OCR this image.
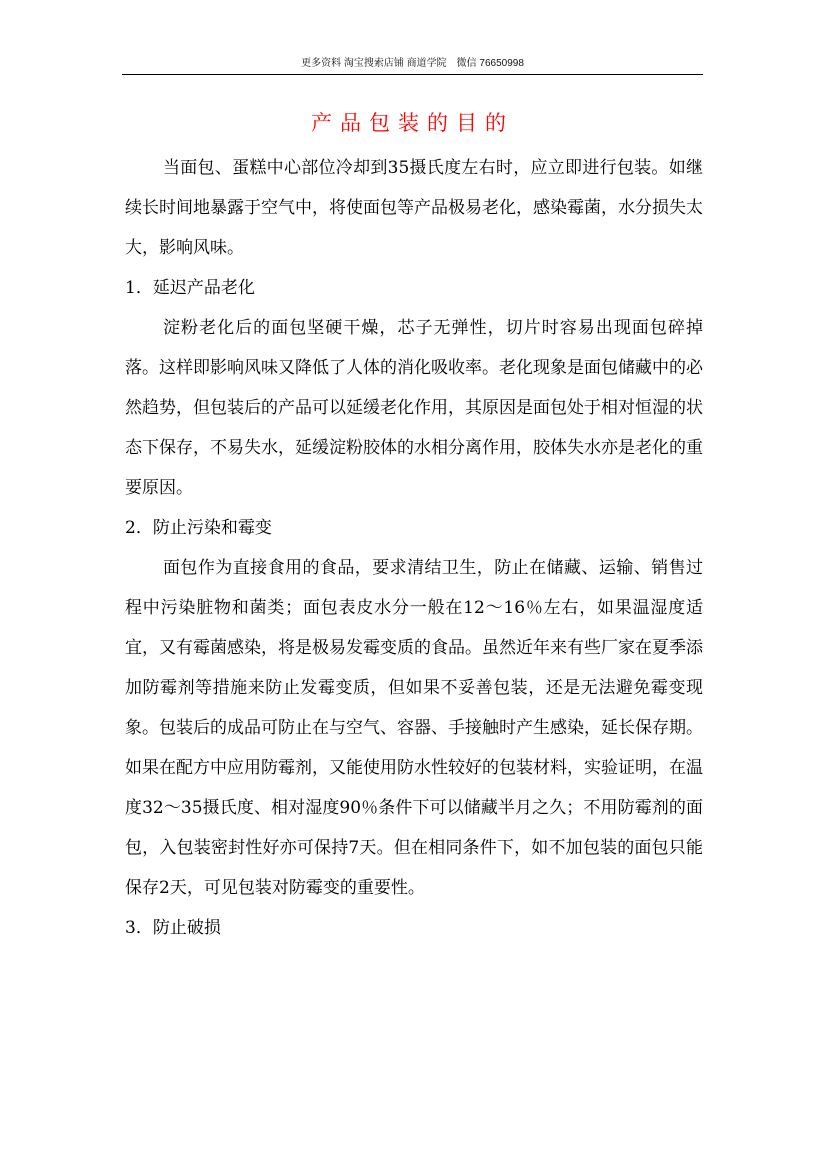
更多资料 淘宝搜索店铺 商道学院　微信 76650998
产品包装的目的

当面包、蛋糕中心部位冷却到35摄氏度左右时，应立即进行包装。如继续长时间地暴露于空气中，将使面包等产品极易老化，感染霉菌，水分损失太大，影响风味。

1．延迟产品老化

淀粉老化后的面包坚硬干燥，芯子无弹性，切片时容易出现面包碎掉落。这样即影响风味又降低了人体的消化吸收率。老化现象是面包储藏中的必然趋势，但包装后的产品可以延缓老化作用，其原因是面包处于相对恒湿的状态下保存，不易失水，延缓淀粉胶体的水相分离作用，胶体失水亦是老化的重要原因。

2．防止污染和霉变

面包作为直接食用的食品，要求清结卫生，防止在储藏、运输、销售过程中污染脏物和菌类；面包表皮水分一般在12～16％左右，如果温湿度适宜，又有霉菌感染，将是极易发霉变质的食品。虽然近年来有些厂家在夏季添加防霉剂等措施来防止发霉变质，但如果不妥善包装，还是无法避免霉变现象。包装后的成品可防止在与空气、容器、手接触时产生感染，延长保存期。如果在配方中应用防霉剂，又能使用防水性较好的包装材料，实验证明，在温度32～35摄氏度、相对湿度90％条件下可以储藏半月之久；不用防霉剂的面包，入包装密封性好亦可保持7天。但在相同条件下，如不加包装的面包只能保存2天，可见包装对防霉变的重要性。

3．防止破损
